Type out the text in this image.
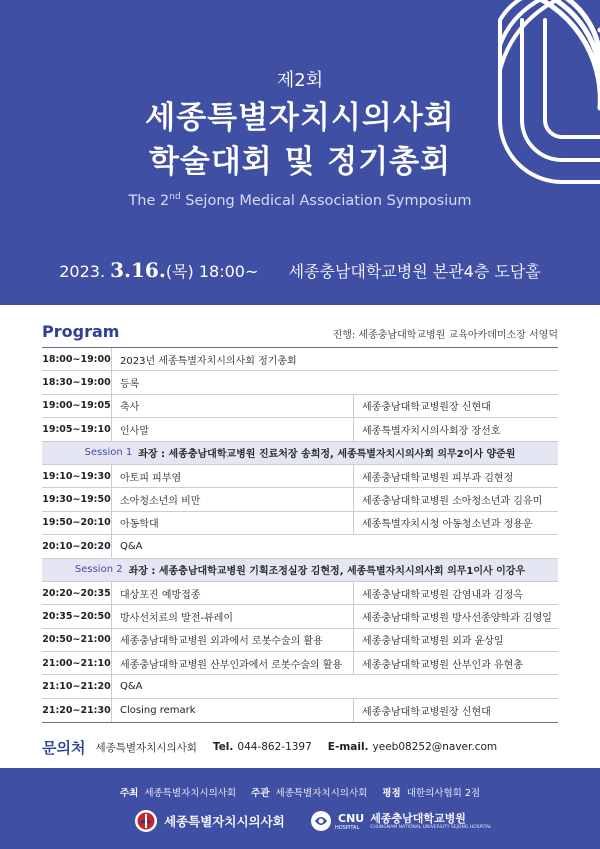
제2회
세종특별자치시의사회
학술대회 및 정기총회
The 2nd Sejong Medical Association Symposium
2023. 3.16.(목) 18:00~ 세종충남대학교병원 본관4층 도담홀
Program	진행: 세종충남대학교병원 교육아카데미소장 서영덕
18:00~19:00 2023년 세종특별자치시의사회 정기총회
18:30~19:00 등록
19:00~19:05 축사	세종충남대학교병원장 신현대
19:05~19:10 인사말	세종특별자치시의사회장 장선호
Session 1 좌장 : 세종충남대학교병원 진료처장 송희정, 세종특별자치시의사회 의무2이사 양준원
19:10~19:30 아토피 피부염	세종충남대학교병원 피부과 김현정
19:30~19:50 소아청소년의 비만	세종충남대학교병원 소아청소년과 김유미
19:50~20:10 아동학대	세종특별자치시청 아동청소년과 정용운
20:10~20:20 Q&A
Session 2 좌장 : 세종충남대학교병원 기획조정실장 김현정, 세종특별자치시의사회 의무1이사 이강우
20:20~20:35 대상포진 예방접종	세종충남대학교병원 감염내과 김정옥
20:35~20:50 방사선치료의 발전-뷰레이	세종충남대학교병원 방사선종양학과 김영일
20:50~21:00 세종충남대학교병원 외과에서 로봇수술의 활용	세종충남대학교병원 외과 윤상일
21:00~21:10 세종충남대학교병원 산부인과에서 로봇수술의 활용	세종충남대학교병원 산부인과 유현총
21:10~21:20 Q&A
21:20~21:30 Closing remark	세종충남대학교병원장 신현대
문의처 세종특별자치시의사회 Tel. 044-862-1397 E-mail. yeeb08252@naver.com
주최 세종특별자치시의사회 주관 세종특별자치시의사회 평점 대한의사협회 2점
세종특별자치시의사회	CNU
HOSPITAL
세종충남대학교병원
CHUNGNAM NATIONAL UNIVERSITY SEJONG HOSPITAL
